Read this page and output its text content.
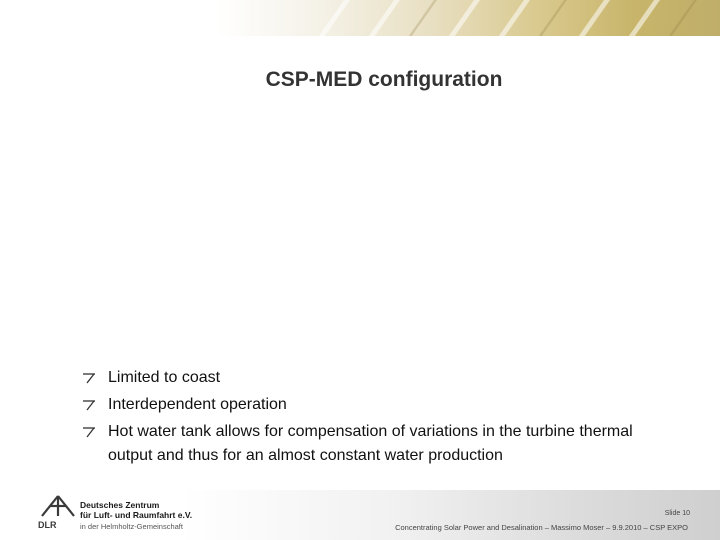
CSP-MED configuration
Limited to coast
Interdependent operation
Hot water tank allows for compensation of variations in the turbine thermal output and thus for an almost constant water production
DLR
Deutsches Zentrum
für Luft- und Raumfahrt e.V.
in der Helmholtz-Gemeinschaft
Slide 10
Concentrating Solar Power and Desalination – Massimo Moser – 9.9.2010 – CSP EXPO
